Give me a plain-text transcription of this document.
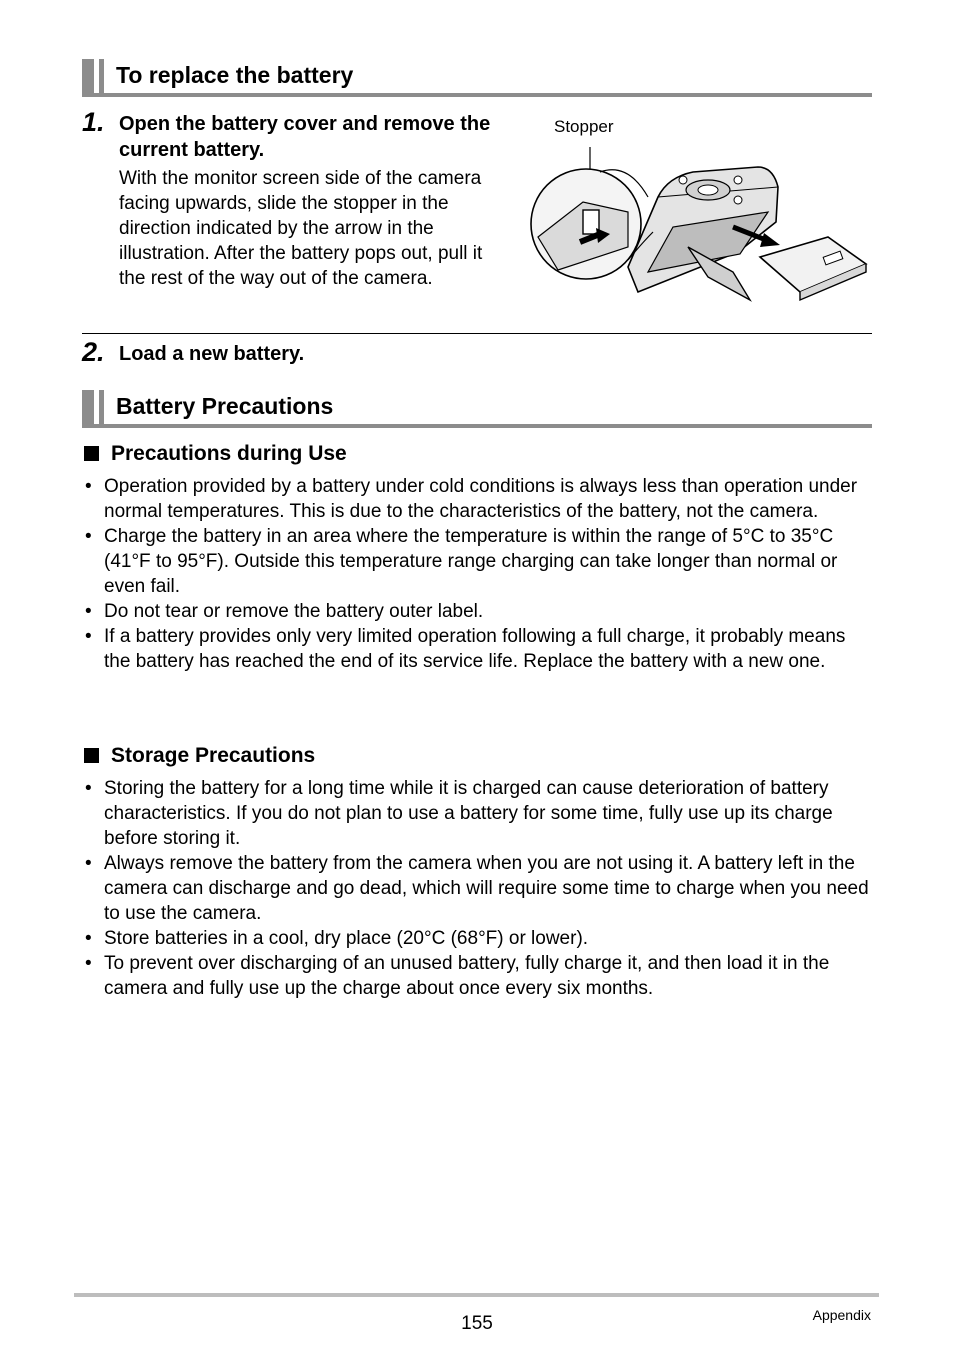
To replace the battery
1. Open the battery cover and remove the current battery.
With the monitor screen side of the camera facing upwards, slide the stopper in the direction indicated by the arrow in the illustration. After the battery pops out, pull it the rest of the way out of the camera.
Stopper
2. Load a new battery.
Battery Precautions
Precautions during Use
• Operation provided by a battery under cold conditions is always less than operation under normal temperatures. This is due to the characteristics of the battery, not the camera.
• Charge the battery in an area where the temperature is within the range of 5°C to 35°C (41°F to 95°F). Outside this temperature range charging can take longer than normal or even fail.
• Do not tear or remove the battery outer label.
• If a battery provides only very limited operation following a full charge, it probably means the battery has reached the end of its service life. Replace the battery with a new one.
Storage Precautions
• Storing the battery for a long time while it is charged can cause deterioration of battery characteristics. If you do not plan to use a battery for some time, fully use up its charge before storing it.
• Always remove the battery from the camera when you are not using it. A battery left in the camera can discharge and go dead, which will require some time to charge when you need to use the camera.
• Store batteries in a cool, dry place (20°C (68°F) or lower).
• To prevent over discharging of an unused battery, fully charge it, and then load it in the camera and fully use up the charge about once every six months.
155	Appendix
